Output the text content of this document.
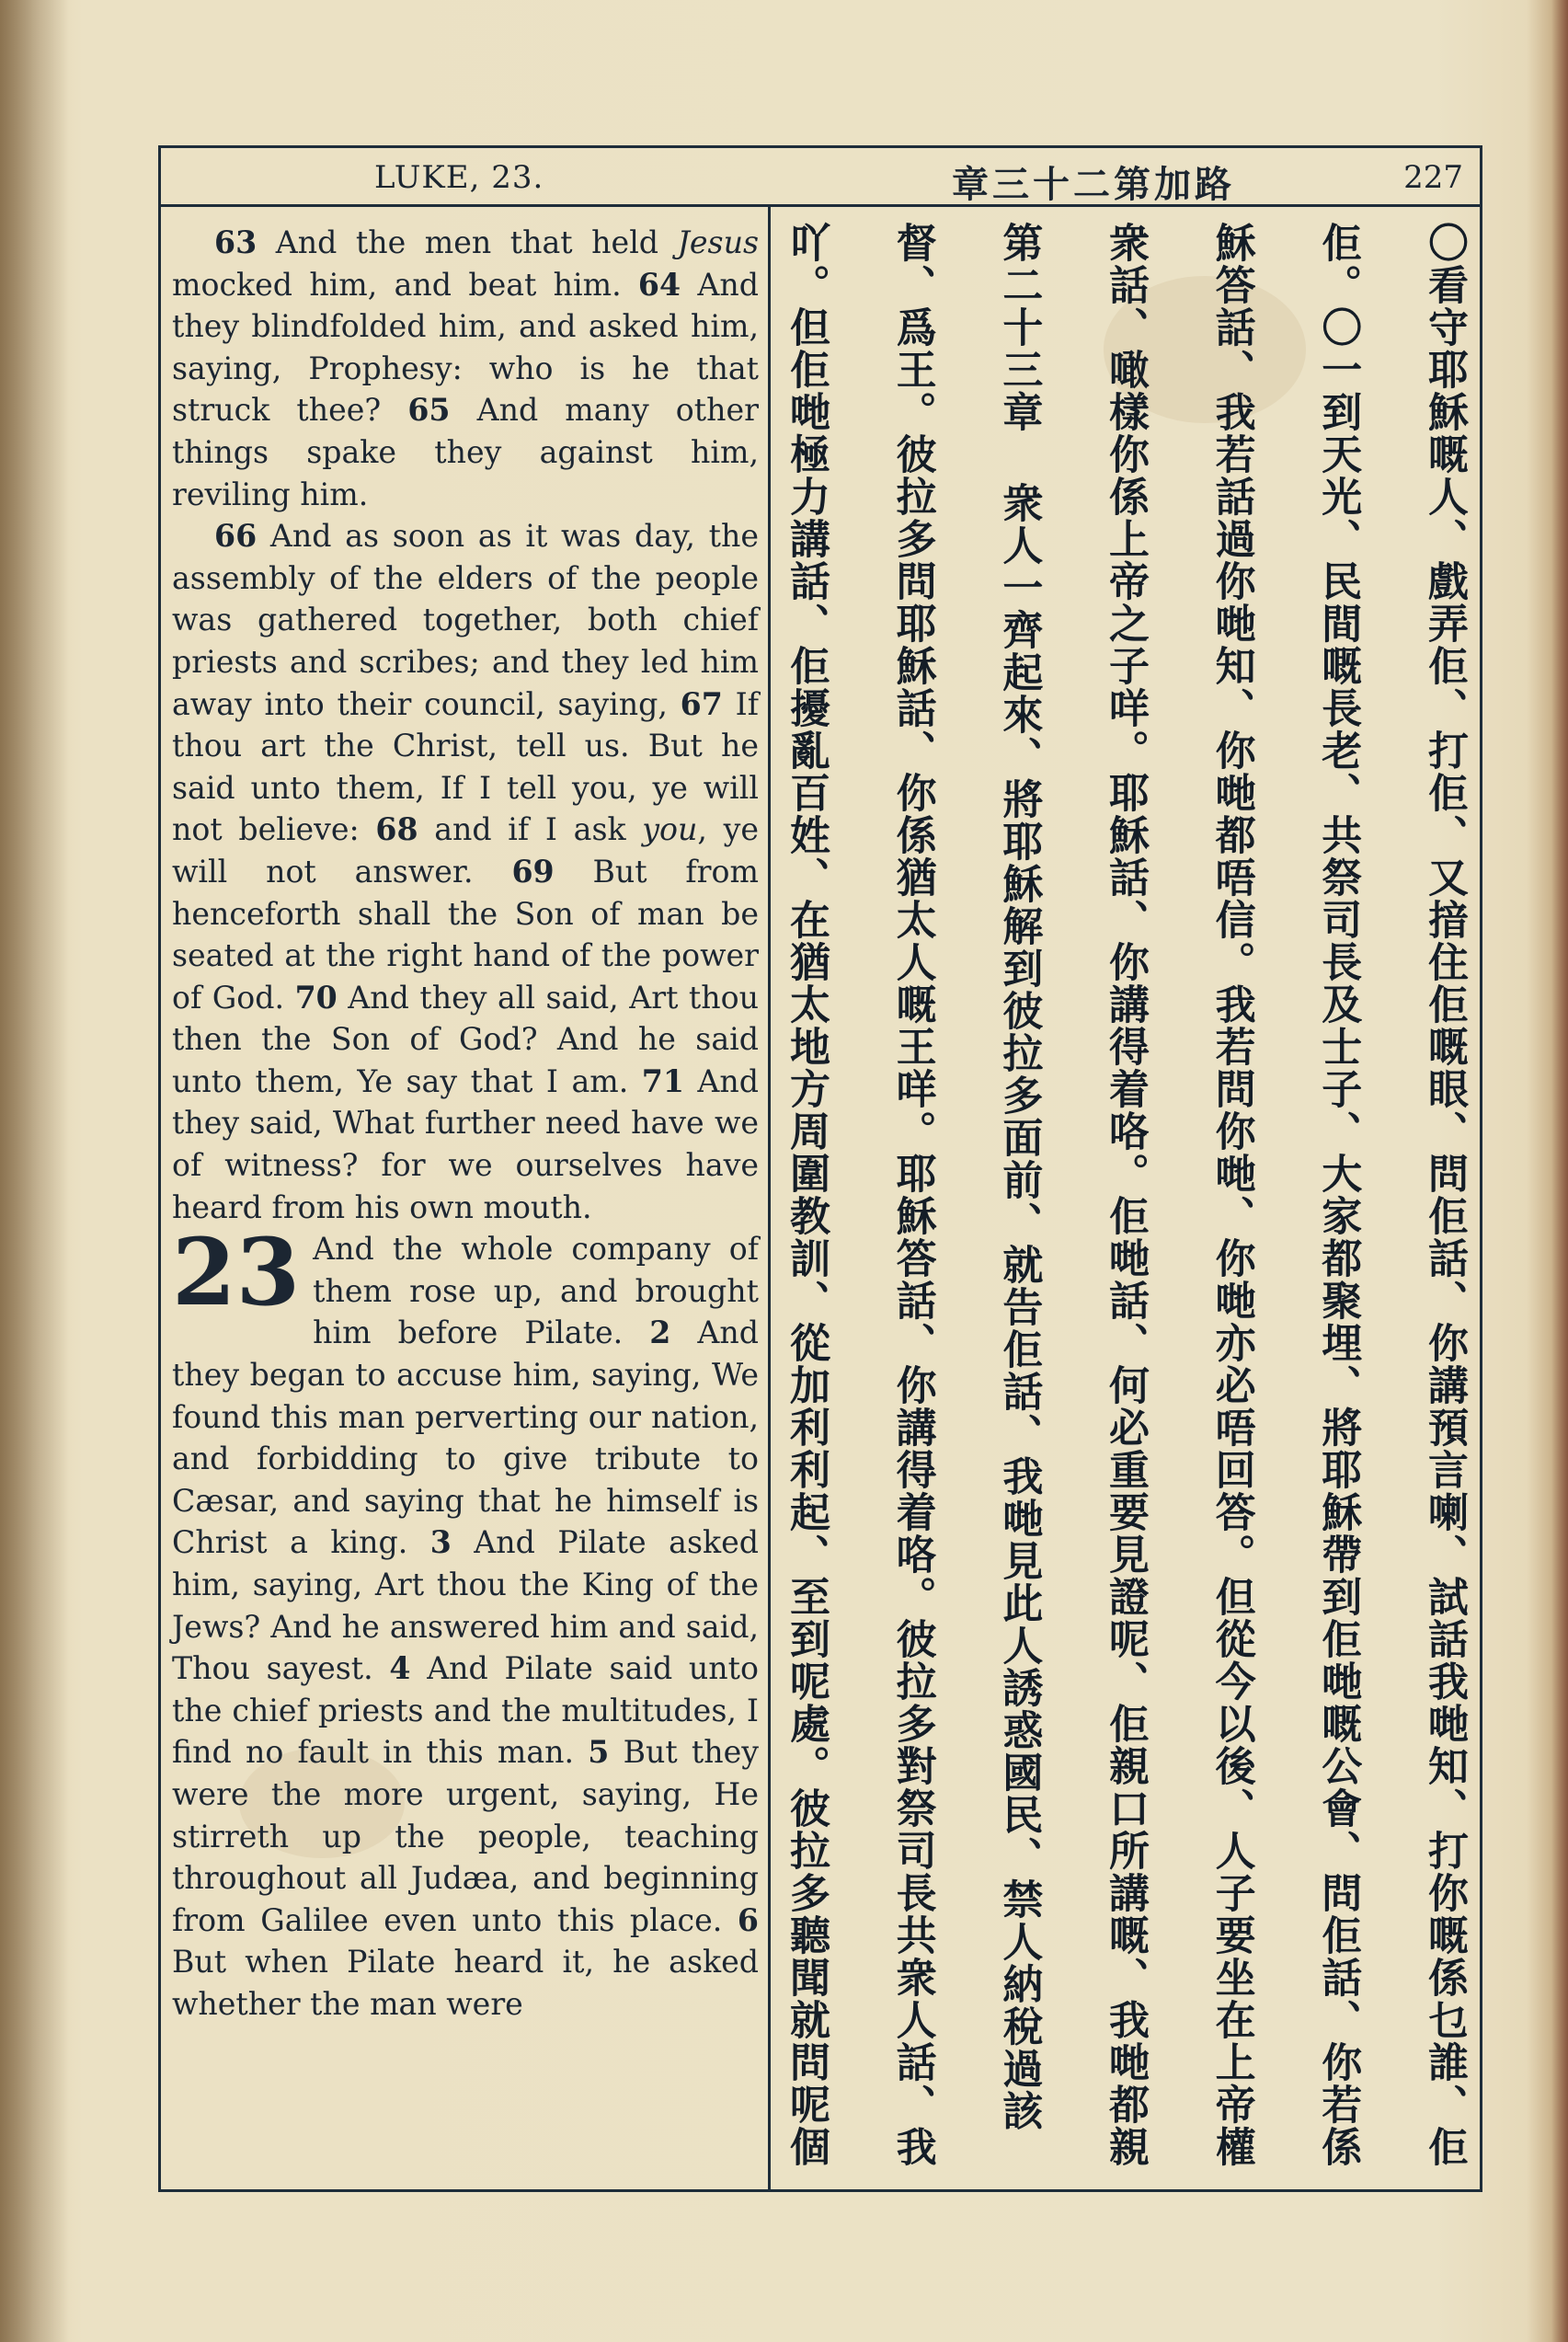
LUKE, 23.	章三十二第加路	227

63 And the men that held Jesus mocked him, and beat him. 64 And they blindfolded him, and asked him, saying, Prophesy: who is he that struck thee? 65 And many other things spake they against him, reviling him.

66 And as soon as it was day, the assembly of the elders of the people was gathered together, both chief priests and scribes; and they led him away into their council, saying, 67 If thou art the Christ, tell us. But he said unto them, If I tell you, ye will not believe: 68 and if I ask you, ye will not answer. 69 But from henceforth shall the Son of man be seated at the right hand of the power of God. 70 And they all said, Art thou then the Son of God? And he said unto them, Ye say that I am. 71 And they said, What further need have we of witness? for we ourselves have heard from his own mouth.

23 And the whole company of them rose up, and brought him before Pilate. 2 And they began to accuse him, saying, We found this man perverting our nation, and forbidding to give tribute to Cæsar, and saying that he himself is Christ a king. 3 And Pilate asked him, saying, Art thou the King of the Jews? And he answered him and said, Thou sayest. 4 And Pilate said unto the chief priests and the multitudes, I find no fault in this man. 5 But they were the more urgent, saying, He stirreth up the people, teaching throughout all Judæa, and beginning from Galilee even unto this place. 6 But when Pilate heard it, he asked whether the man were

〇看守耶穌嘅人、戲弄佢、打佢、又揞住佢嘅眼、問佢話、你講預言喇、試話我哋知、打你嘅係乜誰、佢
佢。〇一到天光、民間嘅長老、共祭司長及士子、大家都聚埋、將耶穌帶到佢哋嘅公會、問佢話、你若係
穌答話、我若話過你哋知、你哋都唔信。我若問你哋、你哋亦必唔回答。但從今以後、人子要坐在上帝權
衆話、噉樣你係上帝之子咩。耶穌話、你講得着咯。佢哋話、何必重要見證呢、佢親口所講嘅、我哋都親
第二十三章 衆人一齊起來、將耶穌解到彼拉多面前、就告佢話、我哋見此人誘惑國民、禁人納稅過該
督、爲王。彼拉多問耶穌話、你係猶太人嘅王咩。耶穌答話、你講得着咯。彼拉多對祭司長共衆人話、我
吖。但佢哋極力講話、佢擾亂百姓、在猶太地方周圍教訓、從加利利起、至到呢處。彼拉多聽聞就問呢個
